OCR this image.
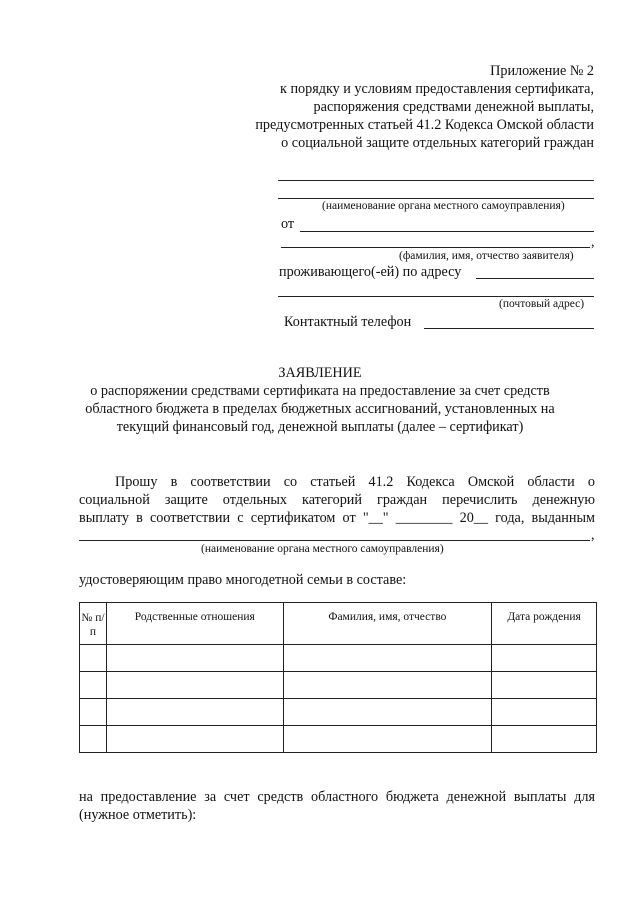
Приложение № 2
к порядку и условиям предоставления сертификата,
распоряжения средствами денежной выплаты,
предусмотренных статьей 41.2 Кодекса Омской области
о социальной защите отдельных категорий граждан
(наименование органа местного самоуправления)
от
,
(фамилия, имя, отчество заявителя)
проживающего(-ей) по адресу
(почтовый адрес)
Контактный телефон
ЗАЯВЛЕНИЕ
о распоряжении средствами сертификата на предоставление за счет средств
областного бюджета в пределах бюджетных ассигнований, установленных на
текущий финансовый год, денежной выплаты (далее – сертификат)
Прошу в соответствии со статьей 41.2 Кодекса Омской области о
социальной защите отдельных категорий граждан перечислить денежную
выплату в соответствии с сертификатом от "__" ________ 20__ года, выданным
,
(наименование органа местного самоуправления)
удостоверяющим право многодетной семьи в составе:
№ п/п	Родственные отношения	Фамилия, имя, отчество	Дата рождения

на предоставление за счет средств областного бюджета денежной выплаты для
(нужное отметить):
